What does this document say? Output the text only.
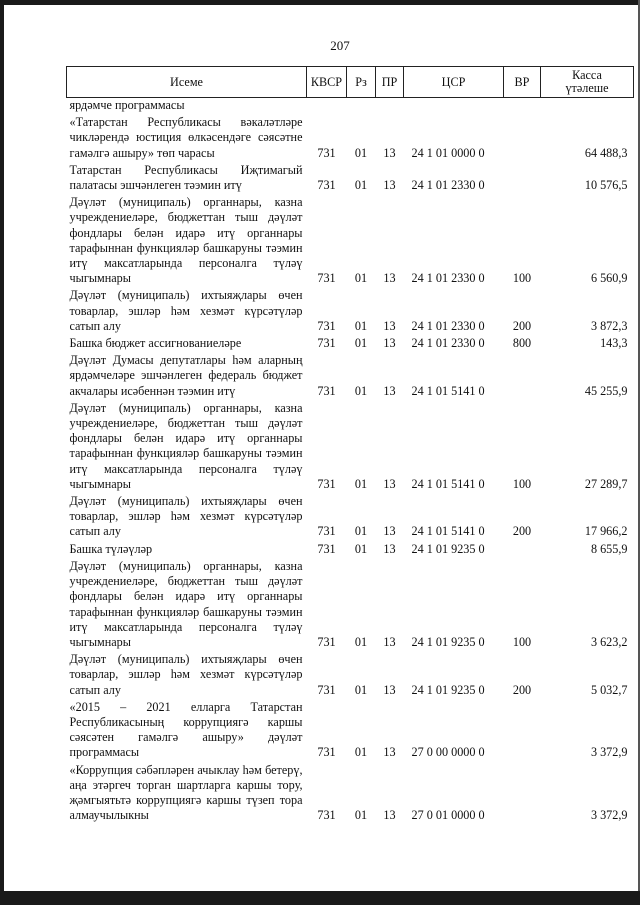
207
Исеме	КВСР	Рз	ПР	ЦСР	ВР	Касса
үтәлеше

ярдәмче программасы						
«Татарстан Республикасы вәкаләтләре чикләрендә юстиция өлкәсендәге сәясәтне гамәлгә ашыру» төп чарасы	731	01	13	24 1 01 0000 0		64 488,3
Татарстан Республикасы Иҗтимагый палатасы эшчәнлеген тәэмин итү	731	01	13	24 1 01 2330 0		10 576,5
Дәүләт (муниципаль) органнары, казна учреждениеләре, бюджеттан тыш дәүләт фондлары белән идарә итү органнары тарафыннан функцияләр башкаруны тәэмин итү максатларында персоналга түләү чыгымнары	731	01	13	24 1 01 2330 0	100	6 560,9
Дәүләт (муниципаль) ихтыяҗлары өчен товарлар, эшләр һәм хезмәт күрсәтүләр сатып алу	731	01	13	24 1 01 2330 0	200	3 872,3
Башка бюджет ассигнованиеләре	731	01	13	24 1 01 2330 0	800	143,3
Дәүләт Думасы депутатлары һәм аларның ярдәмчеләре эшчәнлеген федераль бюджет акчалары исәбеннән тәэмин итү	731	01	13	24 1 01 5141 0		45 255,9
Дәүләт (муниципаль) органнары, казна учреждениеләре, бюджеттан тыш дәүләт фондлары белән идарә итү органнары тарафыннан функцияләр башкаруны тәэмин итү максатларында персоналга түләү чыгымнары	731	01	13	24 1 01 5141 0	100	27 289,7
Дәүләт (муниципаль) ихтыяҗлары өчен товарлар, эшләр һәм хезмәт күрсәтүләр сатып алу	731	01	13	24 1 01 5141 0	200	17 966,2
Башка түләүләр	731	01	13	24 1 01 9235 0		8 655,9
Дәүләт (муниципаль) органнары, казна учреждениеләре, бюджеттан тыш дәүләт фондлары белән идарә итү органнары тарафыннан функцияләр башкаруны тәэмин итү максатларында персоналга түләү чыгымнары	731	01	13	24 1 01 9235 0	100	3 623,2
Дәүләт (муниципаль) ихтыяҗлары өчен товарлар, эшләр һәм хезмәт күрсәтүләр сатып алу	731	01	13	24 1 01 9235 0	200	5 032,7
«2015 – 2021 елларга Татарстан Республикасының коррупциягә каршы сәясәтен гамәлгә ашыру» дәүләт программасы	731	01	13	27 0 00 0000 0		3 372,9
«Коррупция сәбәпләрен ачыклау һәм бетерү, аңа этәргеч торган шартларга каршы тору, җәмгыятьтә коррупциягә каршы түзеп тора алмаучылыкны	731	01	13	27 0 01 0000 0		3 372,9
